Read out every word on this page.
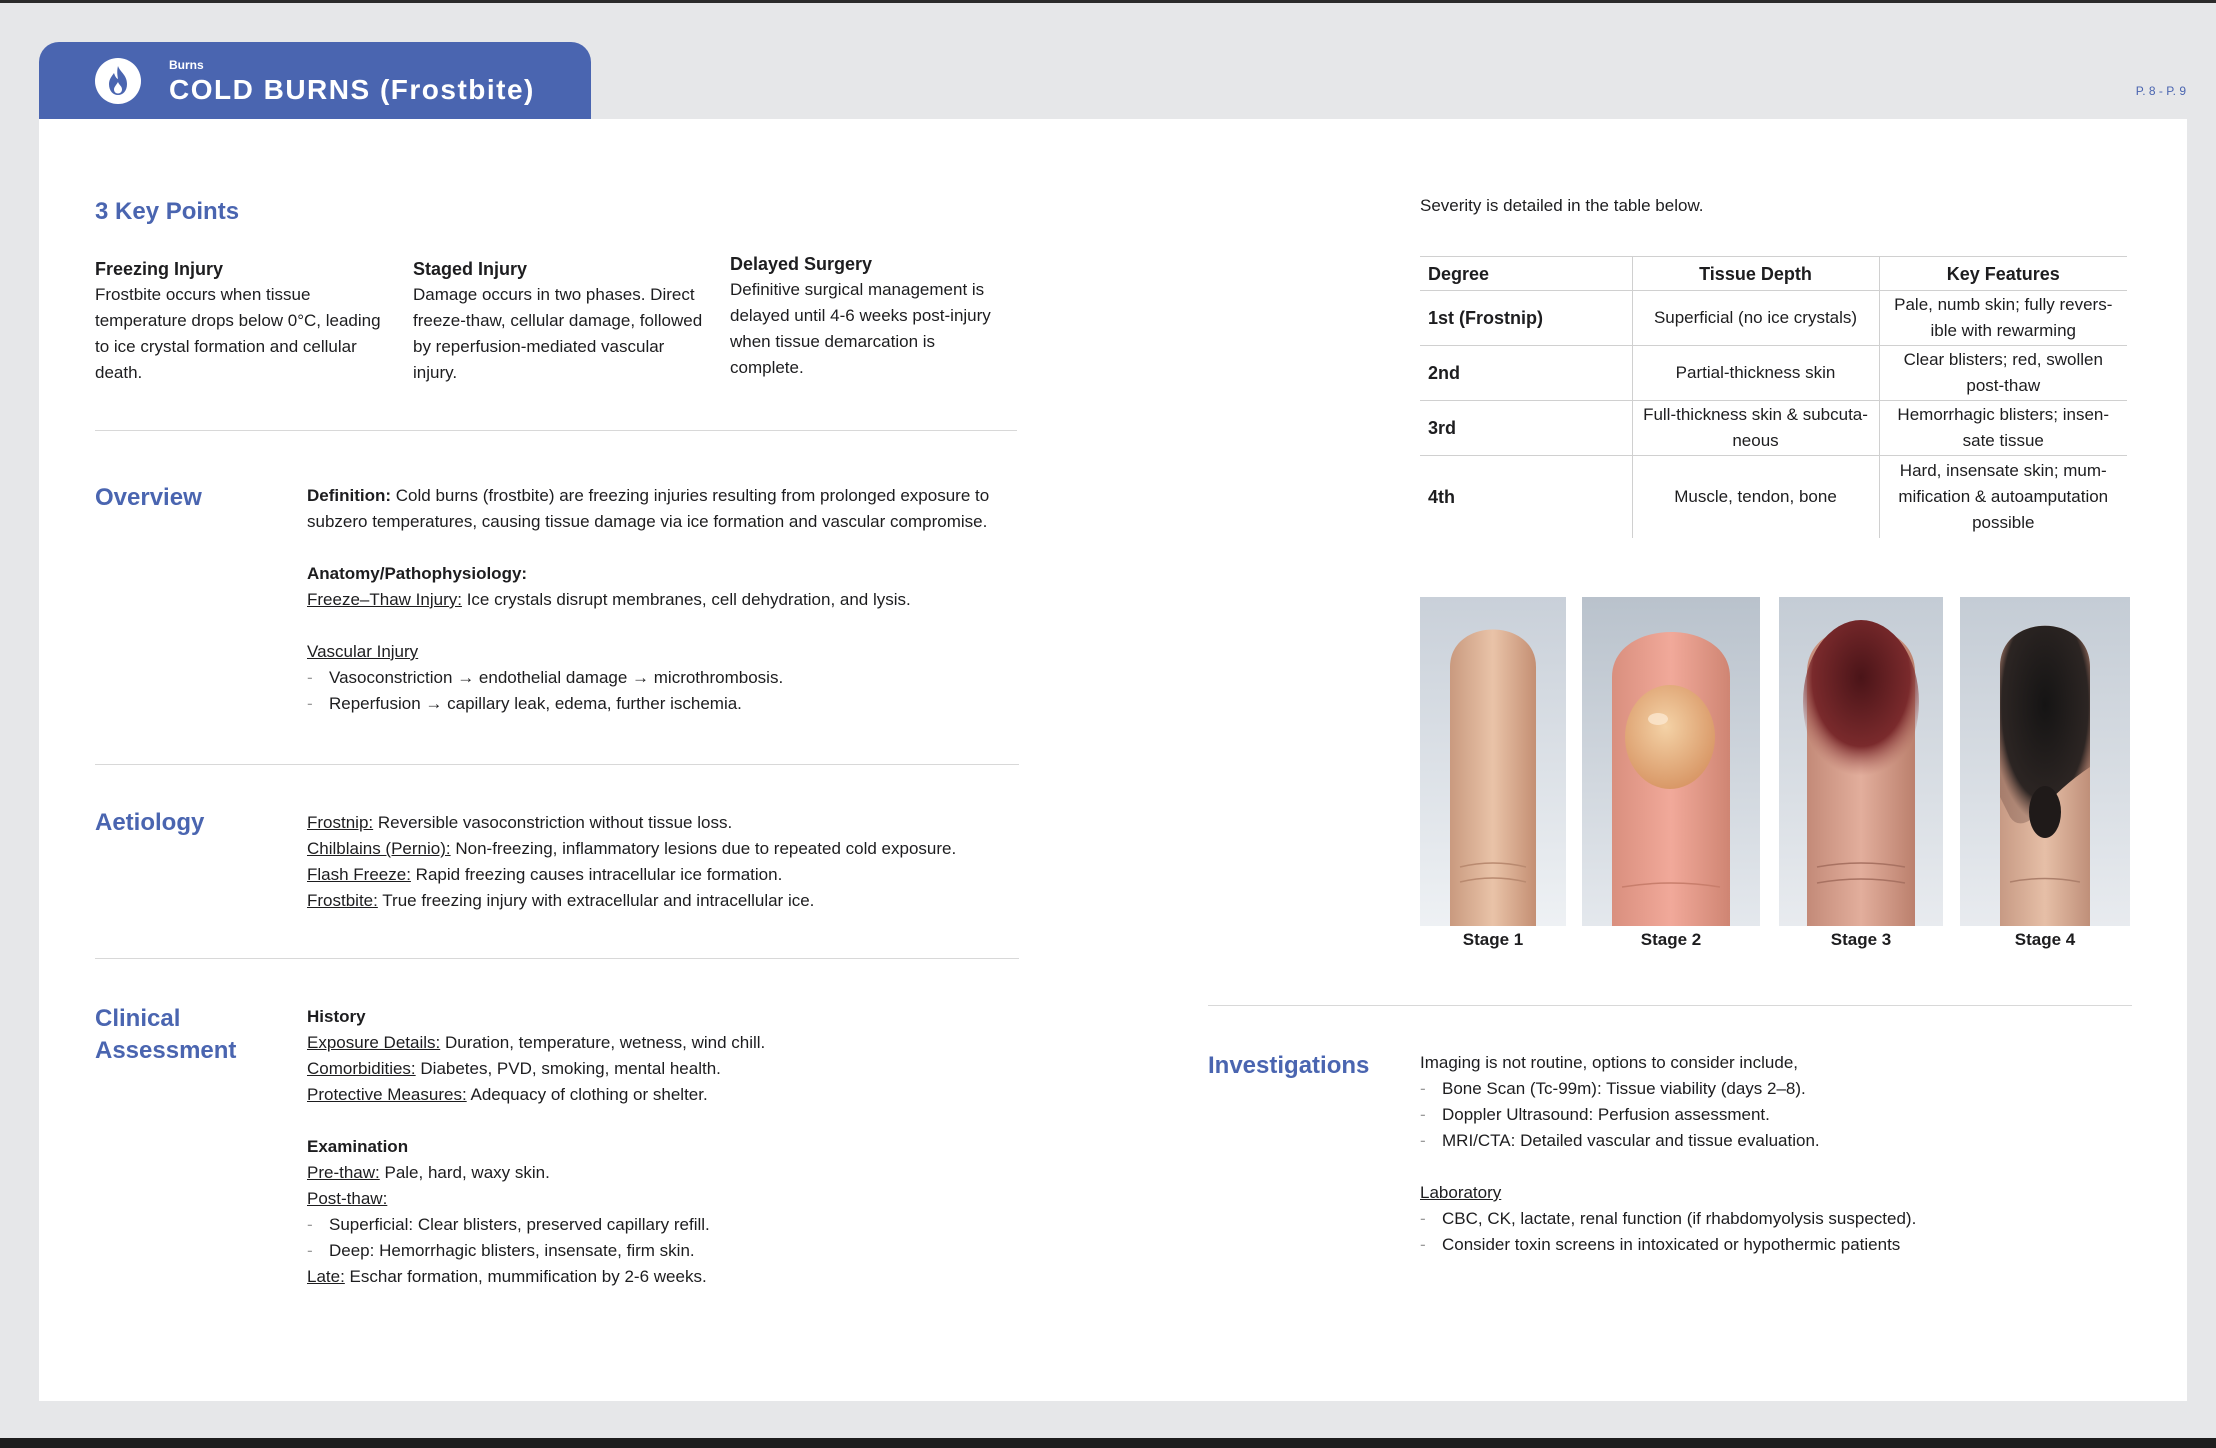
Burns
COLD BURNS (Frostbite)	P. 8 - P. 9
3 Key Points
Freezing Injury
Frostbite occurs when tissue temperature drops below 0°C, leading to ice crystal formation and cellular death.
Staged Injury
Damage occurs in two phases. Direct freeze-thaw, cellular damage, followed by reperfusion-mediated vascular injury.
Delayed Surgery
Definitive surgical management is delayed until 4-6 weeks post-injury when tissue demarcation is complete.
Overview	Definition: Cold burns (frostbite) are freezing injuries resulting from prolonged exposure to subzero temperatures, causing tissue damage via ice formation and vascular compromise.
Anatomy/Pathophysiology:
Freeze–Thaw Injury: Ice crystals disrupt membranes, cell dehydration, and lysis.
Vascular Injury
- Vasoconstriction → endothelial damage → microthrombosis.
- Reperfusion → capillary leak, edema, further ischemia.
Aetiology	Frostnip: Reversible vasoconstriction without tissue loss.
Chilblains (Pernio): Non-freezing, inflammatory lesions due to repeated cold exposure.
Flash Freeze: Rapid freezing causes intracellular ice formation.
Frostbite: True freezing injury with extracellular and intracellular ice.
Clinical
Assessment
History
Exposure Details: Duration, temperature, wetness, wind chill.
Comorbidities: Diabetes, PVD, smoking, mental health.
Protective Measures: Adequacy of clothing or shelter.
Examination
Pre-thaw: Pale, hard, waxy skin.
Post-thaw:
- Superficial: Clear blisters, preserved capillary refill.
- Deep: Hemorrhagic blisters, insensate, firm skin.
Late: Eschar formation, mummification by 2-6 weeks.
Severity is detailed in the table below.
Degree	Tissue Depth	Key Features
1st (Frostnip)	Superficial (no ice crystals)	Pale, numb skin; fully revers-ible with rewarming
2nd	Partial-thickness skin	Clear blisters; red, swollen post-thaw
3rd	Full-thickness skin & subcuta-neous	Hemorrhagic blisters; insen-sate tissue
4th	Muscle, tendon, bone	Hard, insensate skin; mum-mification & autoamputation possible
Stage 1	Stage 2	Stage 3	Stage 4
Investigations	Imaging is not routine, options to consider include,
- Bone Scan (Tc-99m): Tissue viability (days 2–8).
- Doppler Ultrasound: Perfusion assessment.
- MRI/CTA: Detailed vascular and tissue evaluation.
Laboratory
- CBC, CK, lactate, renal function (if rhabdomyolysis suspected).
- Consider toxin screens in intoxicated or hypothermic patients
